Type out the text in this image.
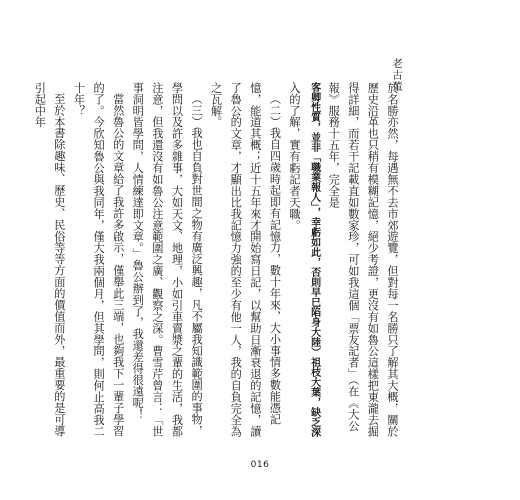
老古董

於名勝亦然，每遇無不去市郊遊覽，但對每一名勝只了解其大概，關於歷史沿革也只稍有模糊記憶，絕少考證，更沒有如魯公這樣把東瀧去掘得詳細，而若干記載直如數家珍，可如我這個「票友記者」（在《大公報》服務十五年，完全是

客卿性質，並非「職業報人」，幸虧如此，否則早已陷身大陸）祖枝大葉，缺乏深

入的了解，實有虧記者天職。

（二）我自四歲時起即有記憶力，數十年來，大小事情多數能憑記憶，能道其概；近十五年來才開始寫日記，以幫助日漸衰退的記憶，讀了魯公的文章，才顯出比我記憶力強的至少有他一人，我的自負完全為之瓦解。

（三）我也自負對世間之物有廣泛興趣，凡不屬我知識範圍的事物，學問以及許多雜事，大如天文、地理，小如引車賣漿之輩的生活，我都注意，但我還沒有如魯公注意範圍之廣、觀察之深。曹雪芹曾言：「世事洞明皆學問，人情練達即文章。」魯公辦到了，我還差得很遠呢！

當然魯公的文章給了我許多啟示，僅舉此三端，也夠我下一輩子學習的了。今欣知魯公與我同年，僅大我兩個月，但其學問，則何止高我二十年？

至於本書除趣味、歷史、民俗等等方面的價值而外，最重要的是可導引起中年

016
